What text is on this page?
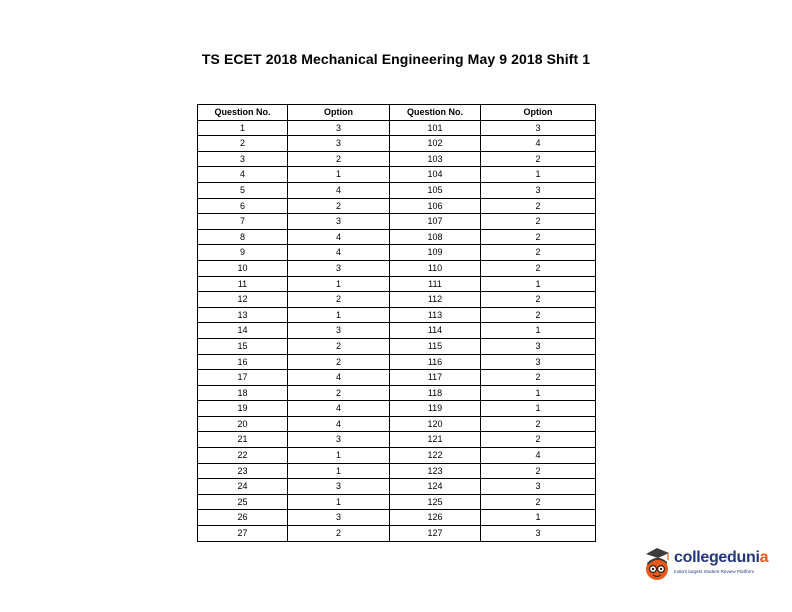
TS ECET 2018 Mechanical Engineering May 9 2018 Shift 1
Question No.	Option	Question No.	Option
1	3	101	3
2	3	102	4
3	2	103	2
4	1	104	1
5	4	105	3
6	2	106	2
7	3	107	2
8	4	108	2
9	4	109	2
10	3	110	2
11	1	111	1
12	2	112	2
13	1	113	2
14	3	114	1
15	2	115	3
16	2	116	3
17	4	117	2
18	2	118	1
19	4	119	1
20	4	120	2
21	3	121	2
22	1	122	4
23	1	123	2
24	3	124	3
25	1	125	2
26	3	126	1
27	2	127	3
collegedunia
India's largest Student Review Platform
